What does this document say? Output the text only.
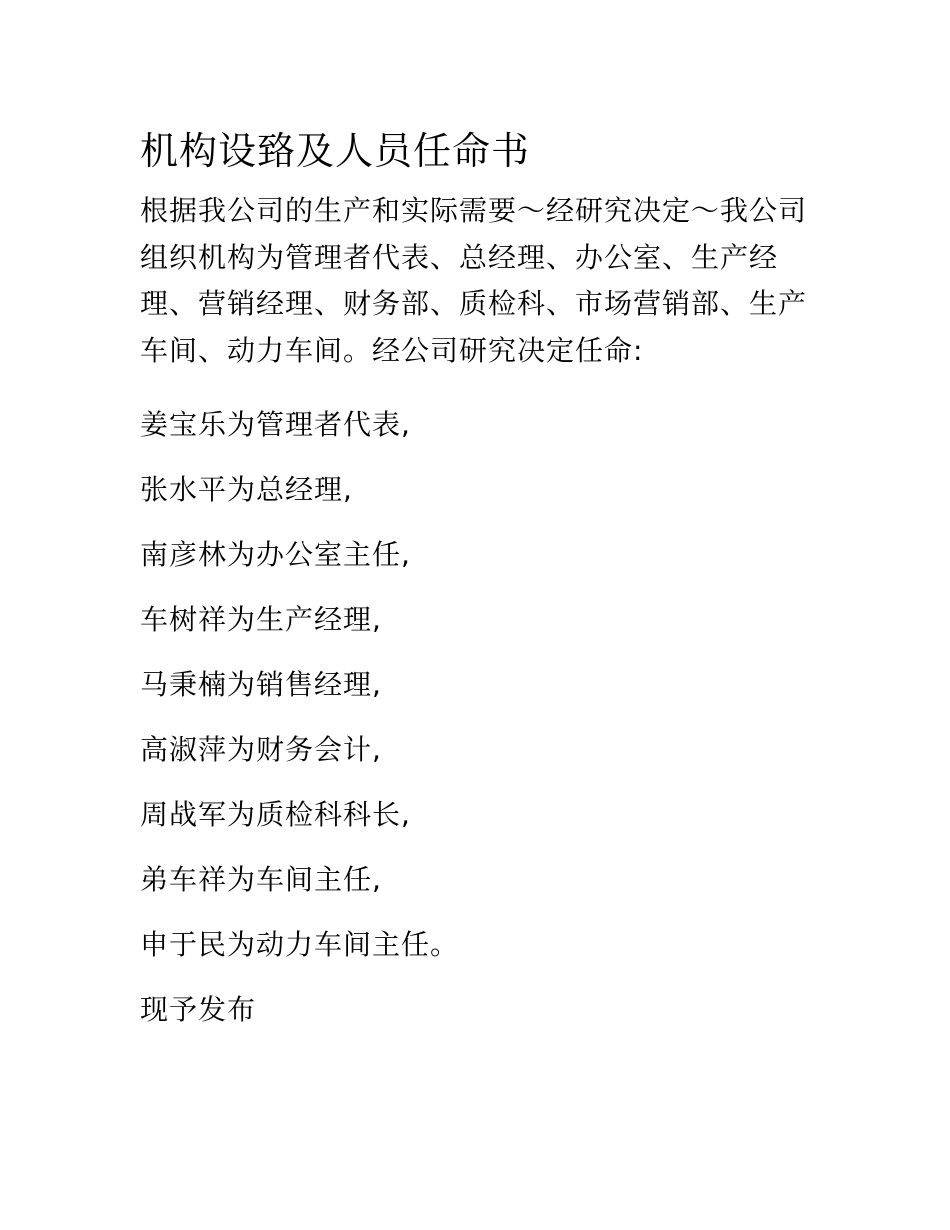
机构设臵及人员任命书

根据我公司的生产和实际需要～经研究决定～我公司组织机构为管理者代表、总经理、办公室、生产经理、营销经理、财务部、质检科、市场营销部、生产车间、动力车间。经公司研究决定任命:

姜宝乐为管理者代表,
张水平为总经理,
南彦林为办公室主任,
车树祥为生产经理,
马秉楠为销售经理,
高淑萍为财务会计,
周战军为质检科科长,
弟车祥为车间主任,
申于民为动力车间主任。

现予发布
